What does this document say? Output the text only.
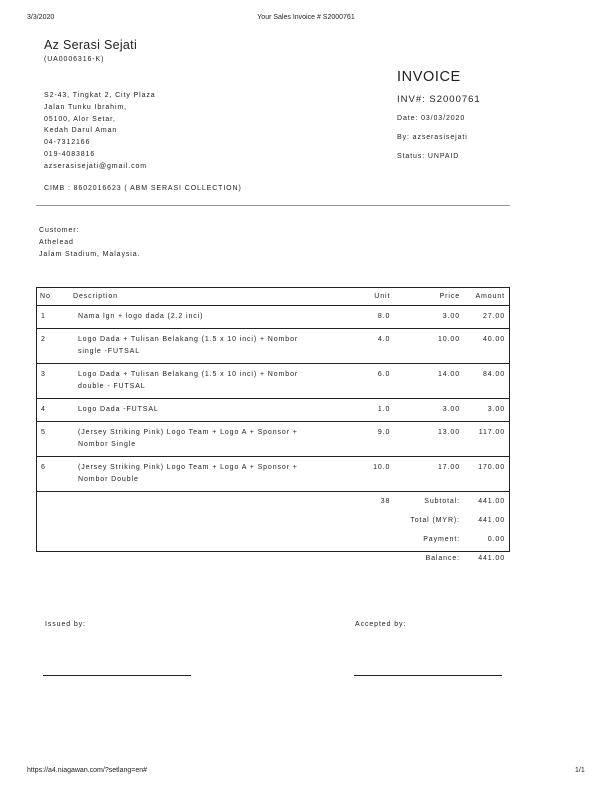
3/3/2020	Your Sales Invoice # S2000761
Az Serasi Sejati
(UA0006316-K)
S2-43, Tingkat 2, City Plaza
Jalan Tunku Ibrahim,
05100, Alor Setar,
Kedah Darul Aman
04-7312166
019-4083816
azserasisejati@gmail.com
INVOICE
INV#: S2000761
Date: 03/03/2020
By: azserasisejati
Status: UNPAID
CIMB : 8602016623 ( ABM SERASI COLLECTION)
Customer:
Athelead
Jalam Stadium, Malaysia.
No	Description	Unit	Price	Amount
1	Nama lgn + logo dada (2.2 inci)	8.0	3.00	27.00
2	Logo Dada + Tulisan Belakang (1.5 x 10 inci) + Nombor
single -FUTSAL	4.0	10.00	40.00
3	Logo Dada + Tulisan Belakang (1.5 x 10 inci) + Nombor
double - FUTSAL	6.0	14.00	84.00
4	Logo Dada -FUTSAL	1.0	3.00	3.00
5	(Jersey Striking Pink) Logo Team + Logo A + Sponsor +
Nombor Single	9.0	13.00	117.00
6	(Jersey Striking Pink) Logo Team + Logo A + Sponsor +
Nombor Double	10.0	17.00	170.00
		38	Subtotal:	441.00
			Total (MYR):	441.00
			Payment:	0.00
			Balance:	441.00
Issued by:	Accepted by:
https://a4.niagawan.com/?setlang=en#	1/1
